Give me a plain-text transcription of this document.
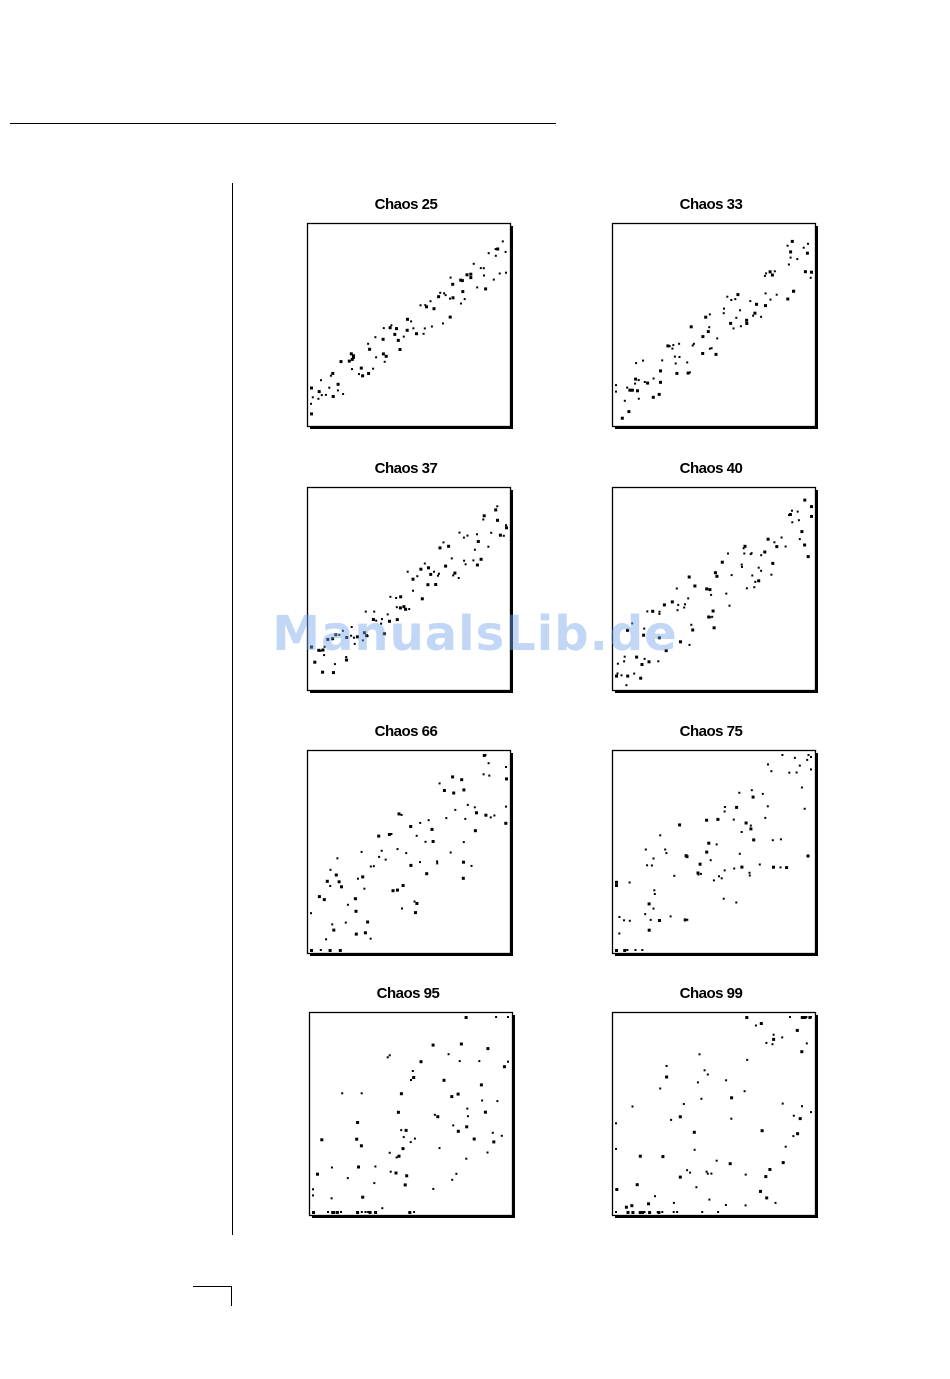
Chaos 25	Chaos 33
Chaos 37	Chaos 40
Chaos 66	Chaos 75
Chaos 95	Chaos 99
ManualsLib.de
